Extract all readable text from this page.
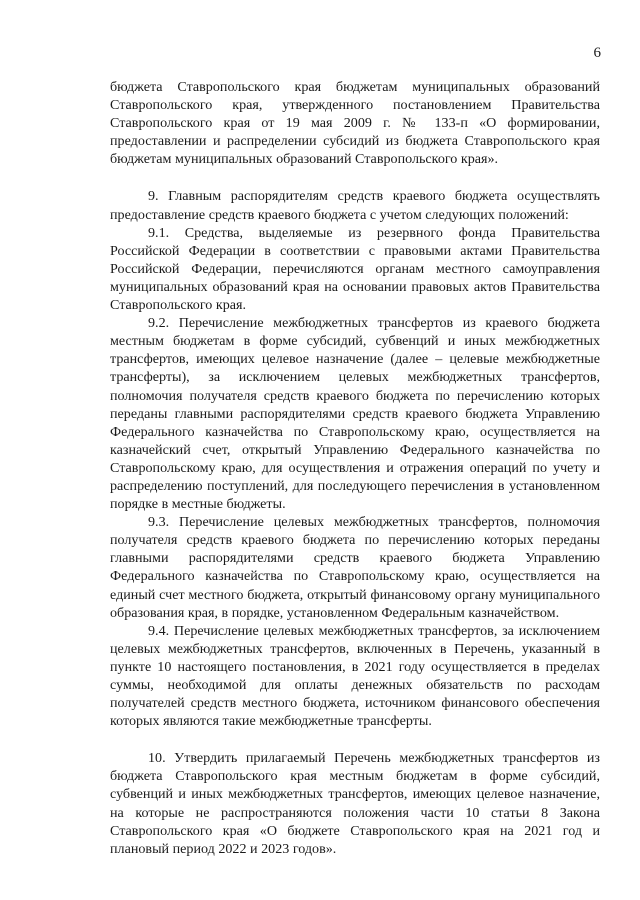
6

бюджета Ставропольского края бюджетам муниципальных образований Ставропольского края, утвержденного постановлением Правительства Ставропольского края от 19 мая 2009 г. № 133-п «О формировании, предоставлении и распределении субсидий из бюджета Ставропольского края бюджетам муниципальных образований Ставропольского края».

9. Главным распорядителям средств краевого бюджета осуществлять предоставление средств краевого бюджета с учетом следующих положений:

9.1. Средства, выделяемые из резервного фонда Правительства Российской Федерации в соответствии с правовыми актами Правительства Российской Федерации, перечисляются органам местного самоуправления муниципальных образований края на основании правовых актов Правительства Ставропольского края.

9.2. Перечисление межбюджетных трансфертов из краевого бюджета местным бюджетам в форме субсидий, субвенций и иных межбюджетных трансфертов, имеющих целевое назначение (далее – целевые межбюджетные трансферты), за исключением целевых межбюджетных трансфертов, полномочия получателя средств краевого бюджета по перечислению которых переданы главными распорядителями средств краевого бюджета Управлению Федерального казначейства по Ставропольскому краю, осуществляется на казначейский счет, открытый Управлению Федерального казначейства по Ставропольскому краю, для осуществления и отражения операций по учету и распределению поступлений, для последующего перечисления в установленном порядке в местные бюджеты.

9.3. Перечисление целевых межбюджетных трансфертов, полномочия получателя средств краевого бюджета по перечислению которых переданы главными распорядителями средств краевого бюджета Управлению Федерального казначейства по Ставропольскому краю, осуществляется на единый счет местного бюджета, открытый финансовому органу муниципального образования края, в порядке, установленном Федеральным казначейством.

9.4. Перечисление целевых межбюджетных трансфертов, за исключением целевых межбюджетных трансфертов, включенных в Перечень, указанный в пункте 10 настоящего постановления, в 2021 году осуществляется в пределах суммы, необходимой для оплаты денежных обязательств по расходам получателей средств местного бюджета, источником финансового обеспечения которых являются такие межбюджетные трансферты.

10. Утвердить прилагаемый Перечень межбюджетных трансфертов из бюджета Ставропольского края местным бюджетам в форме субсидий, субвенций и иных межбюджетных трансфертов, имеющих целевое назначение, на которые не распространяются положения части 10 статьи 8 Закона Ставропольского края «О бюджете Ставропольского края на 2021 год и плановый период 2022 и 2023 годов».
